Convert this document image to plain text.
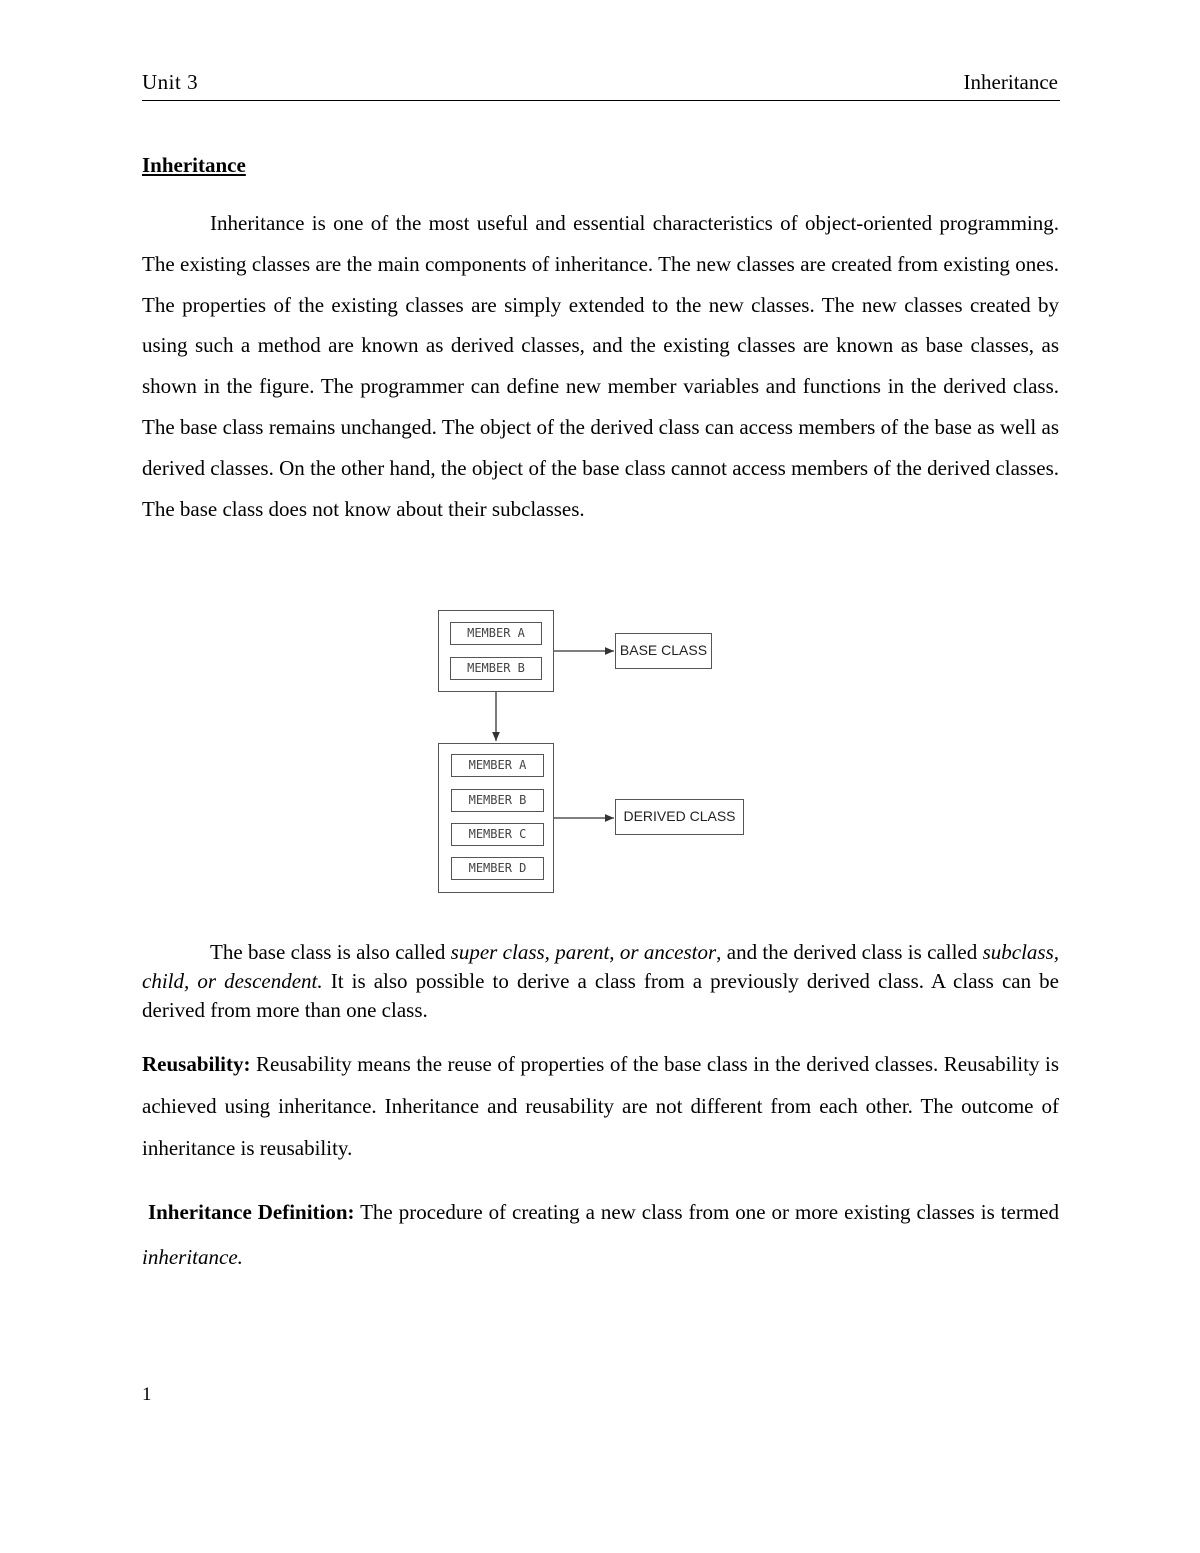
Unit 3	Inheritance
Inheritance

Inheritance is one of the most useful and essential characteristics of object-oriented programming. The existing classes are the main components of inheritance. The new classes are created from existing ones. The properties of the existing classes are simply extended to the new classes. The new classes created by using such a method are known as derived classes, and the existing classes are known as base classes, as shown in the figure. The programmer can define new member variables and functions in the derived class. The base class remains unchanged. The object of the derived class can access members of the base as well as derived classes. On the other hand, the object of the base class cannot access members of the derived classes. The base class does not know about their subclasses.

MEMBER A
MEMBER B
BASE CLASS
MEMBER A
MEMBER B
MEMBER C
MEMBER D
DERIVED CLASS

The base class is also called super class, parent, or ancestor, and the derived class is called subclass, child, or descendent. It is also possible to derive a class from a previously derived class. A class can be derived from more than one class.

Reusability: Reusability means the reuse of properties of the base class in the derived classes. Reusability is achieved using inheritance. Inheritance and reusability are not different from each other. The outcome of inheritance is reusability.

Inheritance Definition: The procedure of creating a new class from one or more existing classes is termed inheritance.

1
